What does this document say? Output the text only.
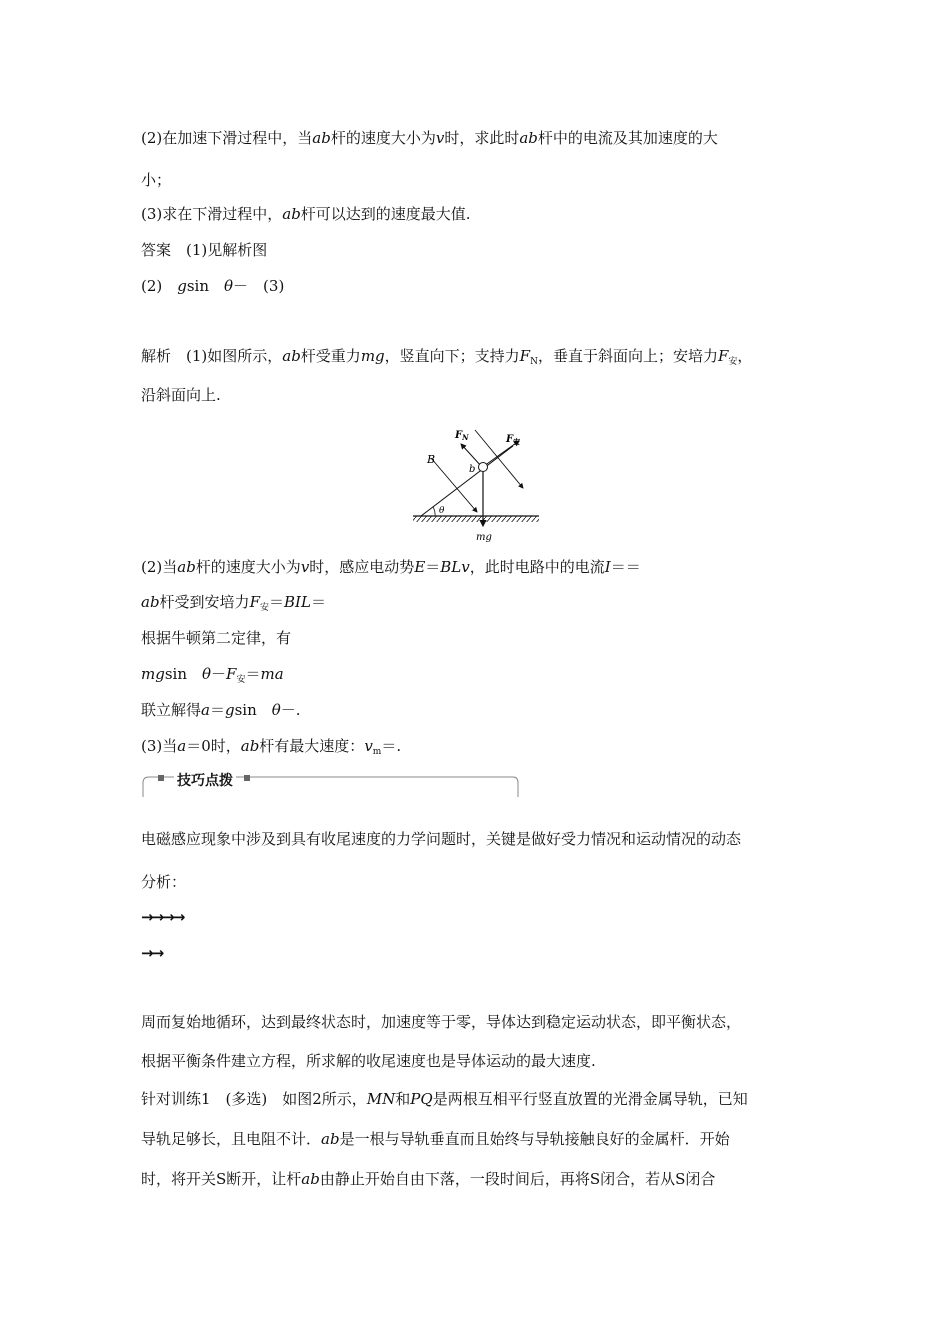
(2)在加速下滑过程中，当ab杆的速度大小为v时，求此时ab杆中的电流及其加速度的大
小；
(3)求在下滑过程中，ab杆可以达到的速度最大值.
答案　(1)见解析图
(2)　gsin　θ－　(3)
解析　(1)如图所示，ab杆受重力mg，竖直向下；支持力$F_N$，垂直于斜面向上；安培力$F_安$，
沿斜面向上.
$F_N$	$F_安$
B
b
θ
mg
(2)当ab杆的速度大小为v时，感应电动势E＝BLv，此时电路中的电流I＝＝
ab杆受到安培力$F_安=BIL=$
根据牛顿第二定律，有
mgsin　$\theta-F_安=ma$
联立解得a＝gsin　θ－.
(3)当a＝0时，ab杆有最大速度：$v_m=$.
技巧点拨
电磁感应现象中涉及到具有收尾速度的力学问题时，关键是做好受力情况和运动情况的动态
分析：
→→→→
→→
周而复始地循环，达到最终状态时，加速度等于零，导体达到稳定运动状态，即平衡状态，
根据平衡条件建立方程，所求解的收尾速度也是导体运动的最大速度.
针对训练1　(多选)　如图2所示，MN和PQ是两根互相平行竖直放置的光滑金属导轨，已知
导轨足够长，且电阻不计．ab是一根与导轨垂直而且始终与导轨接触良好的金属杆．开始
时，将开关S断开，让杆ab由静止开始自由下落，一段时间后，再将S闭合，若从S闭合
